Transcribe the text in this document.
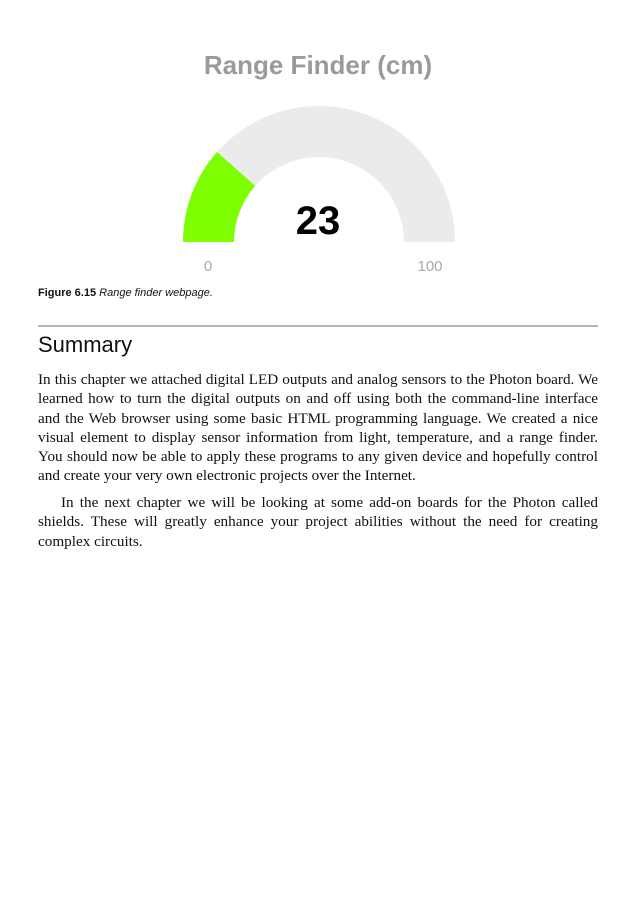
Range Finder (cm)
23
0	100
Figure 6.15 Range finder webpage.
Summary

In this chapter we attached digital LED outputs and analog sensors to the Photon board. We learned how to turn the digital outputs on and off using both the command-line interface and the Web browser using some basic HTML programming language. We created a nice visual element to display sensor information from light, temperature, and a range finder. You should now be able to apply these programs to any given device and hopefully control and create your very own electronic projects over the Internet.

In the next chapter we will be looking at some add-on boards for the Photon called shields. These will greatly enhance your project abilities without the need for creating complex circuits.
